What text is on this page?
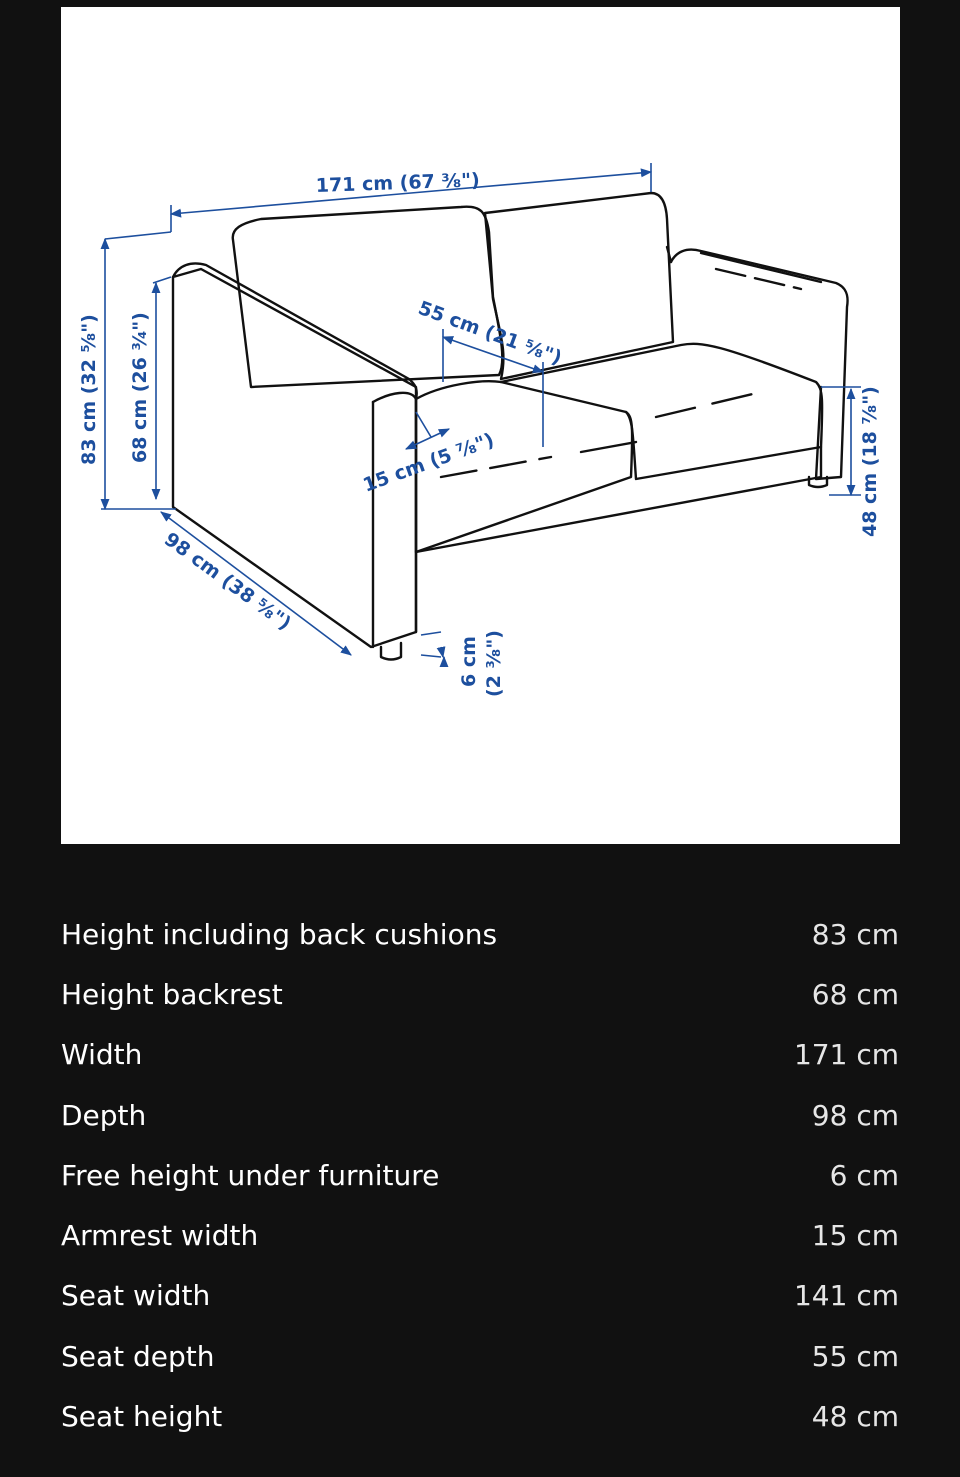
171 cm (67 ³⁄₈")
83 cm (32 ⁵⁄₈") 68 cm (26 ³⁄₄")	55 cm (21 ⁵⁄₈")
15 cm (5 ⁷⁄₈")
98 cm (38 ⁵⁄₈")
6 cm (2 ³⁄₈")
48 cm (18 ⁷⁄₈")
Height including back cushions	83 cm
Height backrest	68 cm
Width	171 cm
Depth	98 cm
Free height under furniture	6 cm
Armrest width	15 cm
Seat width	141 cm
Seat depth	55 cm
Seat height	48 cm
